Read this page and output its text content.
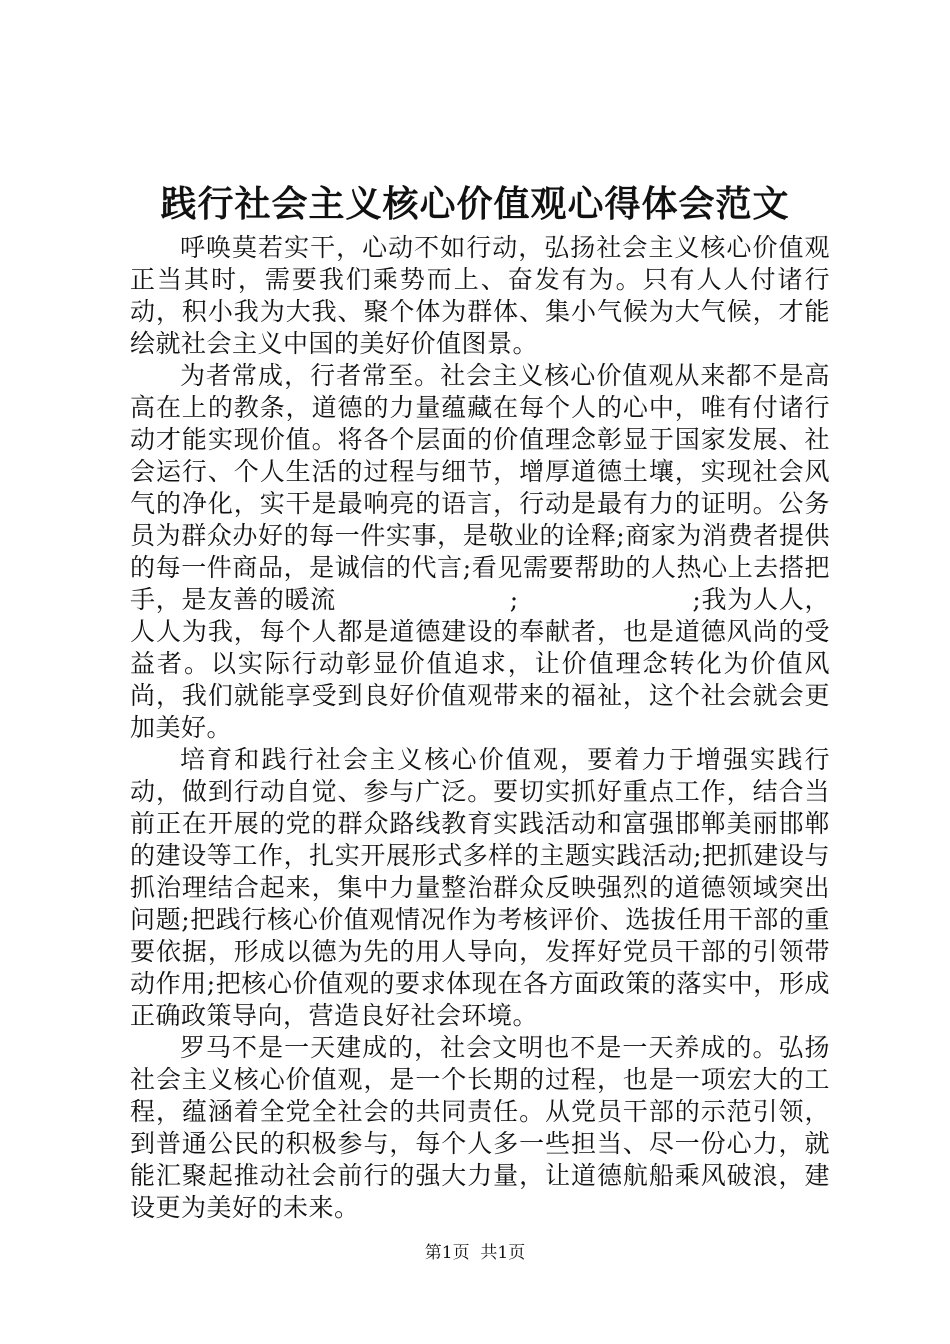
践行社会主义核心价值观心得体会范文

呼唤莫若实干，心动不如行动，弘扬社会主义核心价值观正当其时，需要我们乘势而上、奋发有为。只有人人付诸行动，积小我为大我、聚个体为群体、集小气候为大气候，才能绘就社会主义中国的美好价值图景。

为者常成，行者常至。社会主义核心价值观从来都不是高高在上的教条，道德的力量蕴藏在每个人的心中，唯有付诸行动才能实现价值。将各个层面的价值理念彰显于国家发展、社会运行、个人生活的过程与细节，增厚道德土壤，实现社会风气的净化，实干是最响亮的语言，行动是最有力的证明。公务员为群众办好的每一件实事，是敬业的诠释;商家为消费者提供的每一件商品，是诚信的代言;看见需要帮助的人热心上去搭把手，是友善的暖流                    ;                    ;我为人人，人人为我，每个人都是道德建设的奉献者，也是道德风尚的受益者。以实际行动彰显价值追求，让价值理念转化为价值风尚，我们就能享受到良好价值观带来的福祉，这个社会就会更加美好。

培育和践行社会主义核心价值观，要着力于增强实践行动，做到行动自觉、参与广泛。要切实抓好重点工作，结合当前正在开展的党的群众路线教育实践活动和富强邯郸美丽邯郸的建设等工作，扎实开展形式多样的主题实践活动;把抓建设与抓治理结合起来，集中力量整治群众反映强烈的道德领域突出问题;把践行核心价值观情况作为考核评价、选拔任用干部的重要依据，形成以德为先的用人导向，发挥好党员干部的引领带动作用;把核心价值观的要求体现在各方面政策的落实中，形成正确政策导向，营造良好社会环境。

罗马不是一天建成的，社会文明也不是一天养成的。弘扬社会主义核心价值观，是一个长期的过程，也是一项宏大的工程，蕴涵着全党全社会的共同责任。从党员干部的示范引领，到普通公民的积极参与，每个人多一些担当、尽一份心力，就能汇聚起推动社会前行的强大力量，让道德航船乘风破浪，建设更为美好的未来。

第1页  共1页
